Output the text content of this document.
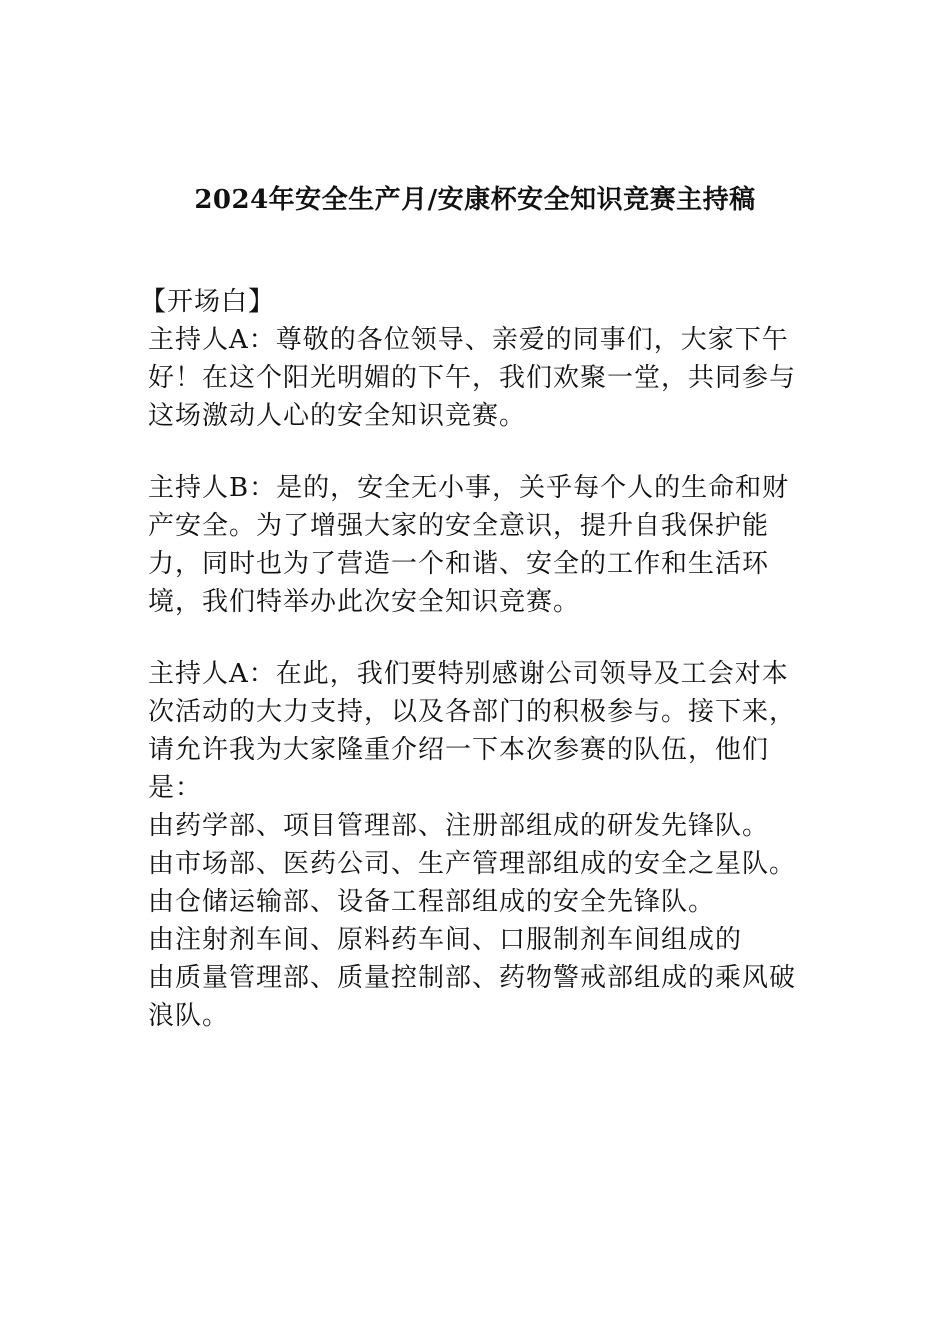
2024年安全生产月/安康杯安全知识竞赛主持稿

【开场白】

主持人A：尊敬的各位领导、亲爱的同事们，大家下午好！在这个阳光明媚的下午，我们欢聚一堂，共同参与这场激动人心的安全知识竞赛。

主持人B：是的，安全无小事，关乎每个人的生命和财产安全。为了增强大家的安全意识，提升自我保护能力，同时也为了营造一个和谐、安全的工作和生活环境，我们特举办此次安全知识竞赛。

主持人A：在此，我们要特别感谢公司领导及工会对本次活动的大力支持，以及各部门的积极参与。接下来，请允许我为大家隆重介绍一下本次参赛的队伍，他们是：

由药学部、项目管理部、注册部组成的研发先锋队。

由市场部、医药公司、生产管理部组成的安全之星队。

由仓储运输部、设备工程部组成的安全先锋队。

由注射剂车间、原料药车间、口服制剂车间组成的

由质量管理部、质量控制部、药物警戒部组成的乘风破浪队。
